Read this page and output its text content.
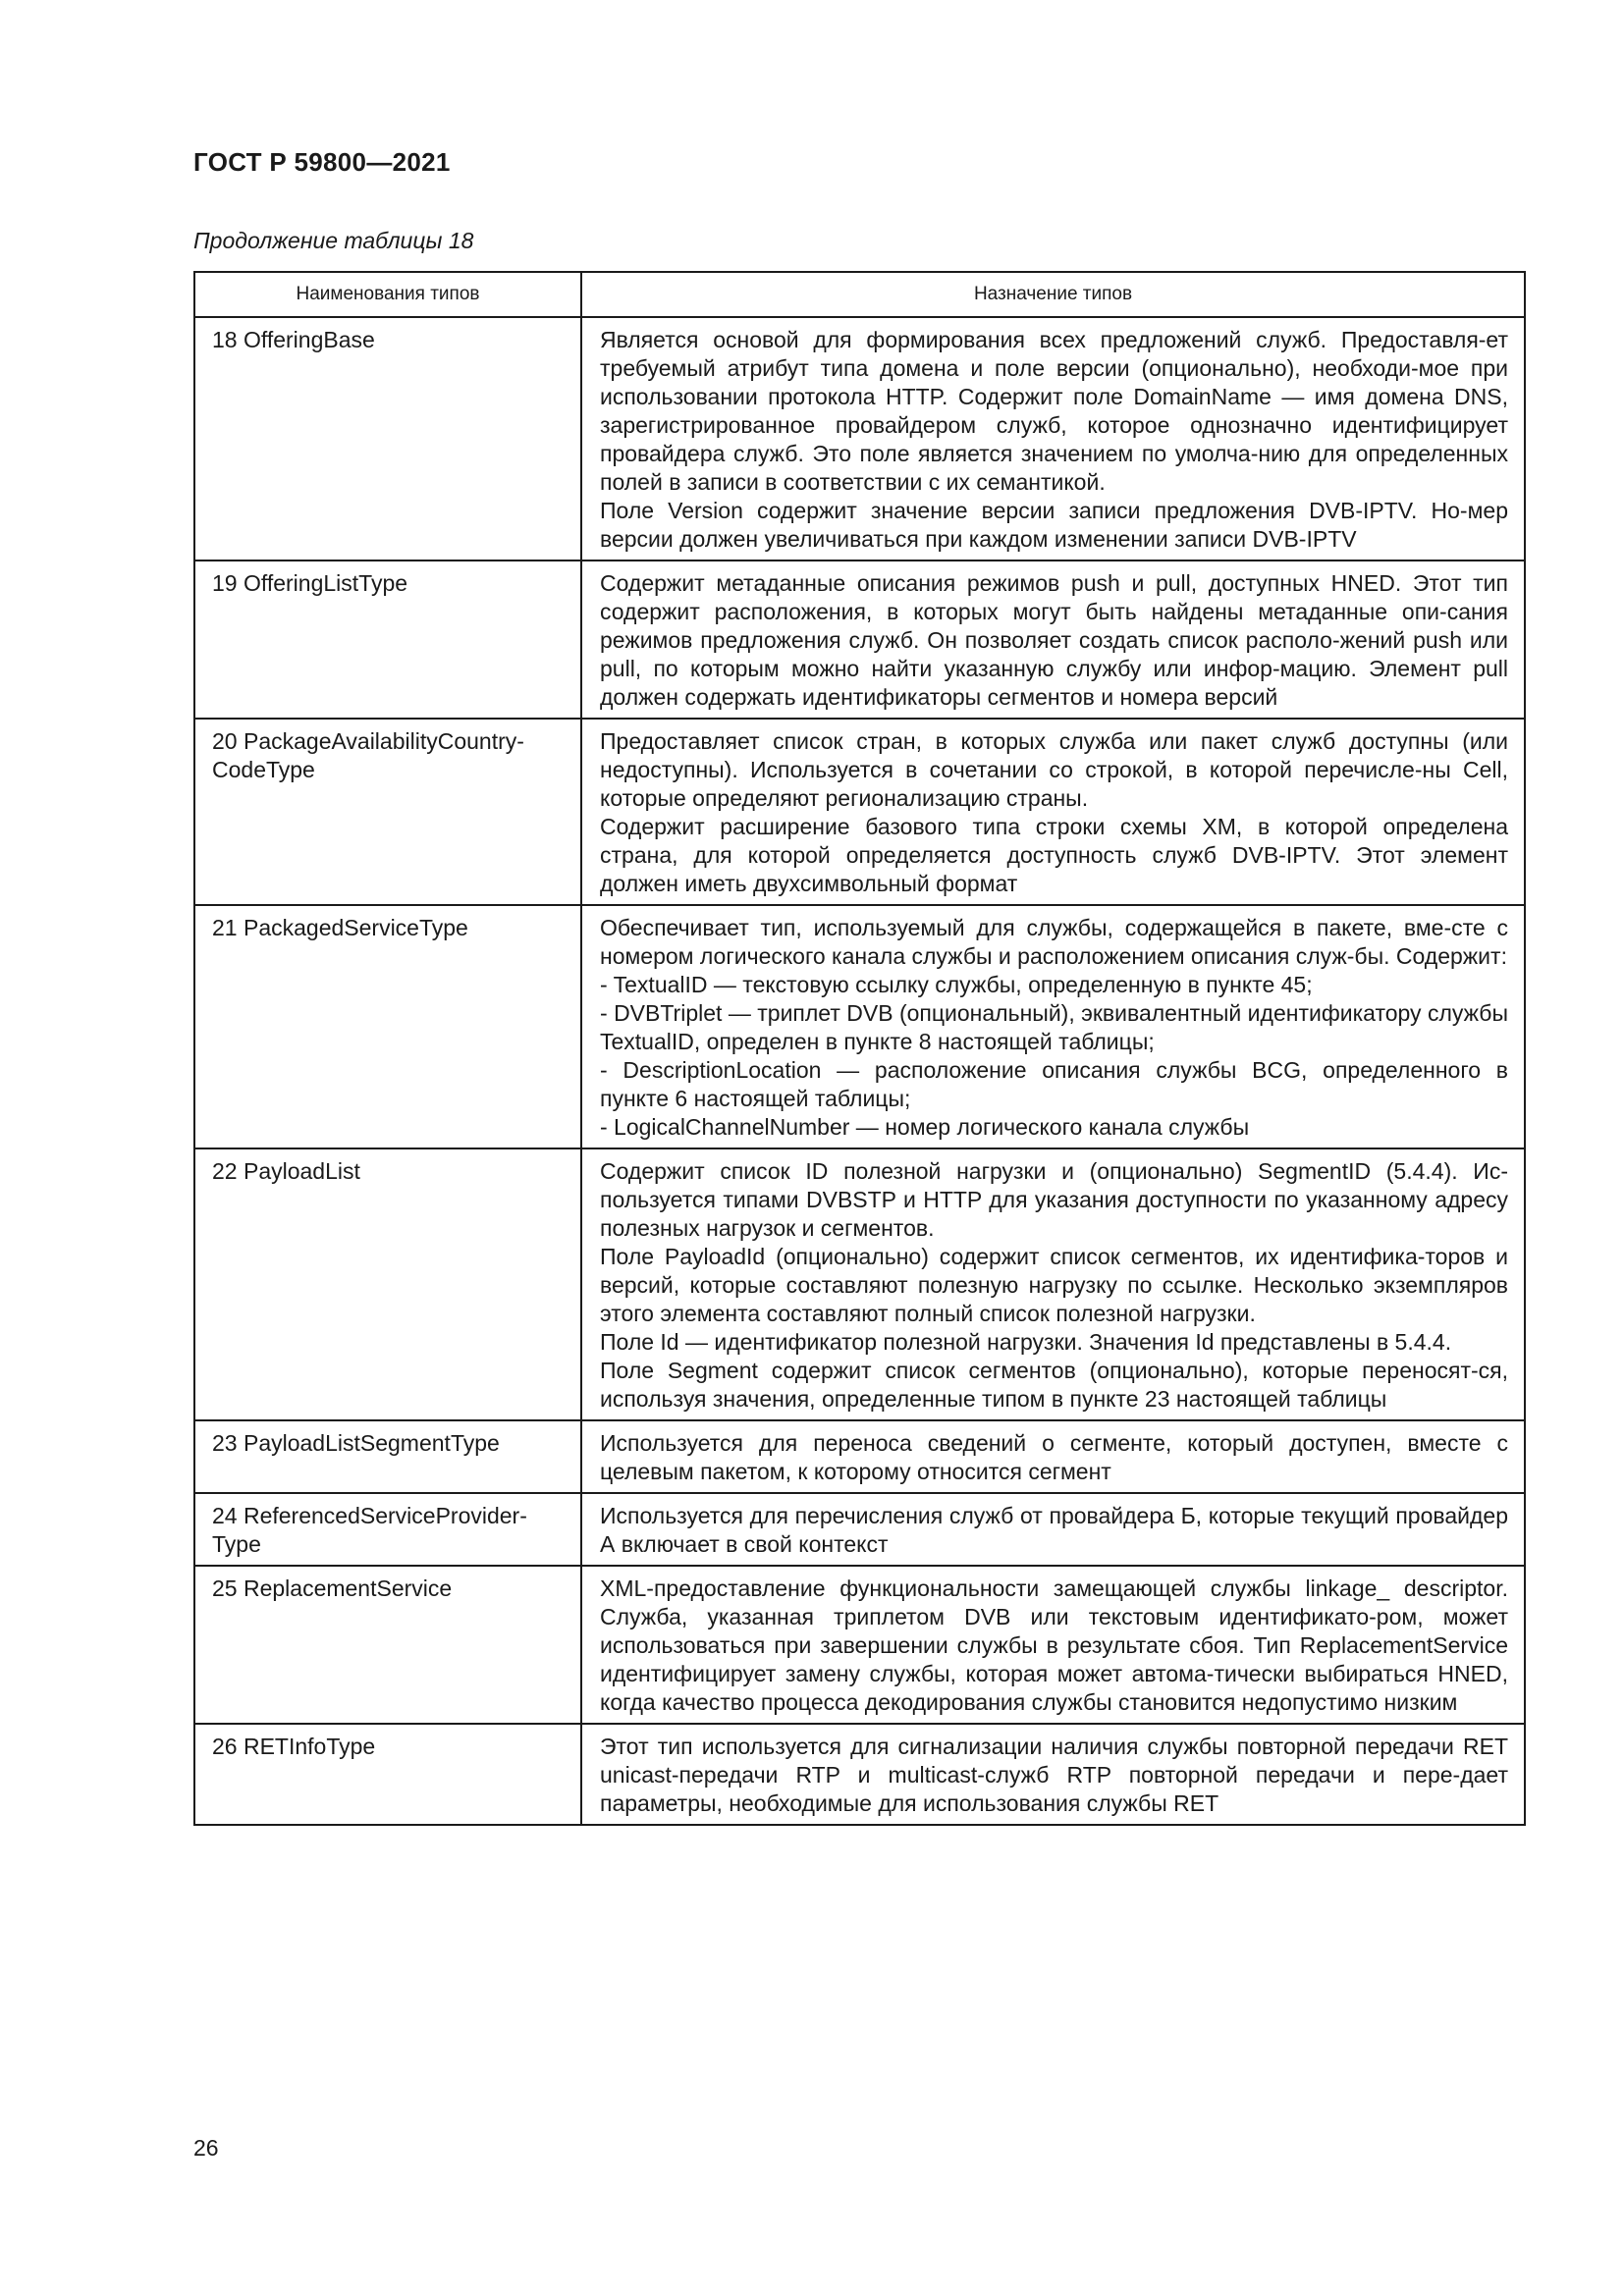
ГОСТ Р 59800—2021
Продолжение таблицы 18
Наименования типов	Назначение типов
18 OfferingBase	Является основой для формирования всех предложений служб. Предоставля-ет требуемый атрибут типа домена и поле версии (опционально), необходи-мое при использовании протокола HTTP. Содержит поле DomainName — имя домена DNS, зарегистрированное провайдером служб, которое однозначно идентифицирует провайдера служб. Это поле является значением по умолча-нию для определенных полей в записи в соответствии с их семантикой.
Поле Version содержит значение версии записи предложения DVB-IPTV. Но-мер версии должен увеличиваться при каждом изменении записи DVB-IPTV

19 OfferingListType	Содержит метаданные описания режимов push и pull, доступных HNED. Этот тип содержит расположения, в которых могут быть найдены метаданные опи-сания режимов предложения служб. Он позволяет создать список располо-жений push или pull, по которым можно найти указанную службу или инфор-мацию. Элемент pull должен содержать идентификаторы сегментов и номера версий

20 PackageAvailabilityCountry-CodeType	Предоставляет список стран, в которых служба или пакет служб доступны (или недоступны). Используется в сочетании со строкой, в которой перечисле-ны Cell, которые определяют регионализацию страны.
Содержит расширение базового типа строки схемы XM, в которой определена страна, для которой определяется доступность служб DVB-IPTV. Этот элемент должен иметь двухсимвольный формат

21 PackagedServiceType	Обеспечивает тип, используемый для службы, содержащейся в пакете, вме-сте с номером логического канала службы и расположением описания служ-бы. Содержит:
- TextualID — текстовую ссылку службы, определенную в пункте 45;
- DVBTriplet — триплет DVB (опциональный), эквивалентный идентификатору службы TextualID, определен в пункте 8 настоящей таблицы;
- DescriptionLocation — расположение описания службы BCG, определенного в пункте 6 настоящей таблицы;
- LogicalChannelNumber — номер логического канала службы

22 PayloadList	Содержит список ID полезной нагрузки и (опционально) SegmentID (5.4.4). Ис-пользуется типами DVBSTP и HTTP для указания доступности по указанному адресу полезных нагрузок и сегментов.
Поле PayloadId (опционально) содержит список сегментов, их идентифика-торов и версий, которые составляют полезную нагрузку по ссылке. Несколько экземпляров этого элемента составляют полный список полезной нагрузки.
Поле Id — идентификатор полезной нагрузки. Значения Id представлены в 5.4.4.
Поле Segment содержит список сегментов (опционально), которые переносят-ся, используя значения, определенные типом в пункте 23 настоящей таблицы

23 PayloadListSegmentType	Используется для переноса сведений о сегменте, который доступен, вместе с целевым пакетом, к которому относится сегмент

24 ReferencedServiceProvider-Type	Используется для перечисления служб от провайдера Б, которые текущий провайдер А включает в свой контекст

25 ReplacementService	XML-предоставление функциональности замещающей службы linkage_ descriptor. Служба, указанная триплетом DVB или текстовым идентификато-ром, может использоваться при завершении службы в результате сбоя. Тип ReplacementService идентифицирует замену службы, которая может автома-тически выбираться HNED, когда качество процесса декодирования службы становится недопустимо низким

26 RETInfoType	Этот тип используется для сигнализации наличия службы повторной передачи RET unicast-передачи RTP и multicast-служб RTP повторной передачи и пере-дает параметры, необходимые для использования службы RET
26
